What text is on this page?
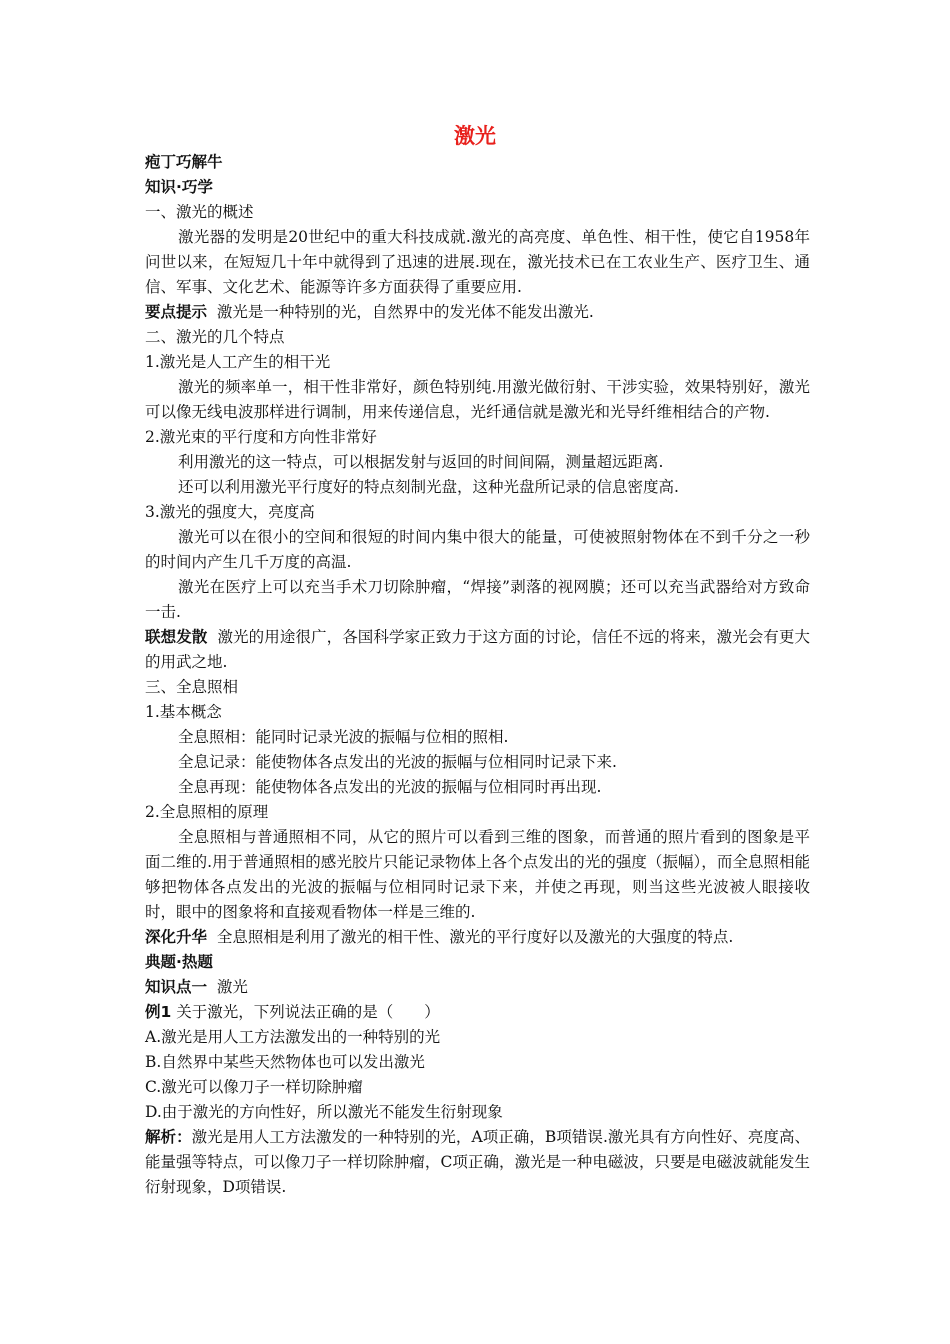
激光

疱丁巧解牛

知识·巧学

一、激光的概述

激光器的发明是20世纪中的重大科技成就.激光的高亮度、单色性、相干性，使它自1958年问世以来，在短短几十年中就得到了迅速的进展.现在，激光技术已在工农业生产、医疗卫生、通信、军事、文化艺术、能源等许多方面获得了重要应用.

要点提示 激光是一种特别的光，自然界中的发光体不能发出激光.

二、激光的几个特点

1.激光是人工产生的相干光

激光的频率单一，相干性非常好，颜色特别纯.用激光做衍射、干涉实验，效果特别好，激光可以像无线电波那样进行调制，用来传递信息，光纤通信就是激光和光导纤维相结合的产物.

2.激光束的平行度和方向性非常好

利用激光的这一特点，可以根据发射与返回的时间间隔，测量超远距离.

还可以利用激光平行度好的特点刻制光盘，这种光盘所记录的信息密度高.

3.激光的强度大，亮度高

激光可以在很小的空间和很短的时间内集中很大的能量，可使被照射物体在不到千分之一秒的时间内产生几千万度的高温.

激光在医疗上可以充当手术刀切除肿瘤，“焊接”剥落的视网膜；还可以充当武器给对方致命一击.

联想发散 激光的用途很广，各国科学家正致力于这方面的讨论，信任不远的将来，激光会有更大的用武之地.

三、全息照相

1.基本概念

全息照相：能同时记录光波的振幅与位相的照相.

全息记录：能使物体各点发出的光波的振幅与位相同时记录下来.

全息再现：能使物体各点发出的光波的振幅与位相同时再出现.

2.全息照相的原理

全息照相与普通照相不同，从它的照片可以看到三维的图象，而普通的照片看到的图象是平面二维的.用于普通照相的感光胶片只能记录物体上各个点发出的光的强度（振幅），而全息照相能够把物体各点发出的光波的振幅与位相同时记录下来，并使之再现，则当这些光波被人眼接收时，眼中的图象将和直接观看物体一样是三维的.

深化升华 全息照相是利用了激光的相干性、激光的平行度好以及激光的大强度的特点.

典题·热题

知识点一 激光

例1 关于激光，下列说法正确的是（　　）

A.激光是用人工方法激发出的一种特别的光

B.自然界中某些天然物体也可以发出激光

C.激光可以像刀子一样切除肿瘤

D.由于激光的方向性好，所以激光不能发生衍射现象

解析：激光是用人工方法激发的一种特别的光，A项正确，B项错误.激光具有方向性好、亮度高、能量强等特点，可以像刀子一样切除肿瘤，C项正确，激光是一种电磁波，只要是电磁波就能发生衍射现象，D项错误.
